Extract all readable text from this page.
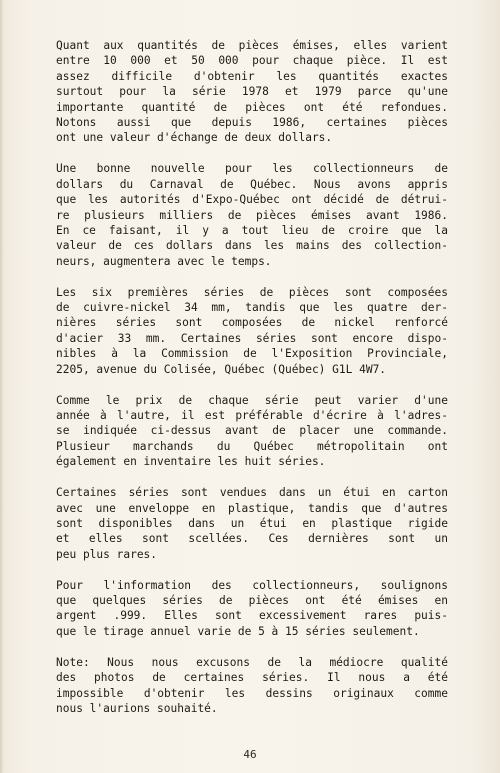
Quant aux quantités de pièces émises, elles varient
entre 10 000 et 50 000 pour chaque pièce. Il est
assez difficile d'obtenir les quantités exactes
surtout pour la série 1978 et 1979 parce qu'une
importante quantité de pièces ont été refondues.
Notons aussi que depuis 1986, certaines pièces
ont une valeur d'échange de deux dollars.
Une bonne nouvelle pour les collectionneurs de
dollars du Carnaval de Québec. Nous avons appris
que les autorités d'Expo-Québec ont décidé de détrui-
re plusieurs milliers de pièces émises avant 1986.
En ce faisant, il y a tout lieu de croire que la
valeur de ces dollars dans les mains des collection-
neurs, augmentera avec le temps.
Les six premières séries de pièces sont composées
de cuivre-nickel 34 mm, tandis que les quatre der-
nières séries sont composées de nickel renforcé
d'acier 33 mm. Certaines séries sont encore dispo-
nibles à la Commission de l'Exposition Provinciale,
2205, avenue du Colisée, Québec (Québec) G1L 4W7.
Comme le prix de chaque série peut varier d'une
année à l'autre, il est préférable d'écrire à l'adres-
se indiquée ci-dessus avant de placer une commande.
Plusieur marchands du Québec métropolitain ont
également en inventaire les huit séries.
Certaines séries sont vendues dans un étui en carton
avec une enveloppe en plastique, tandis que d'autres
sont disponibles dans un étui en plastique rigide
et elles sont scellées. Ces dernières sont un
peu plus rares.
Pour l'information des collectionneurs, soulignons
que quelques séries de pièces ont été émises en
argent .999. Elles sont excessivement rares puis-
que le tirage annuel varie de 5 à 15 séries seulement.
Note: Nous nous excusons de la médiocre qualité
des photos de certaines séries. Il nous a été
impossible d'obtenir les dessins originaux comme
nous l'aurions souhaité.
46
